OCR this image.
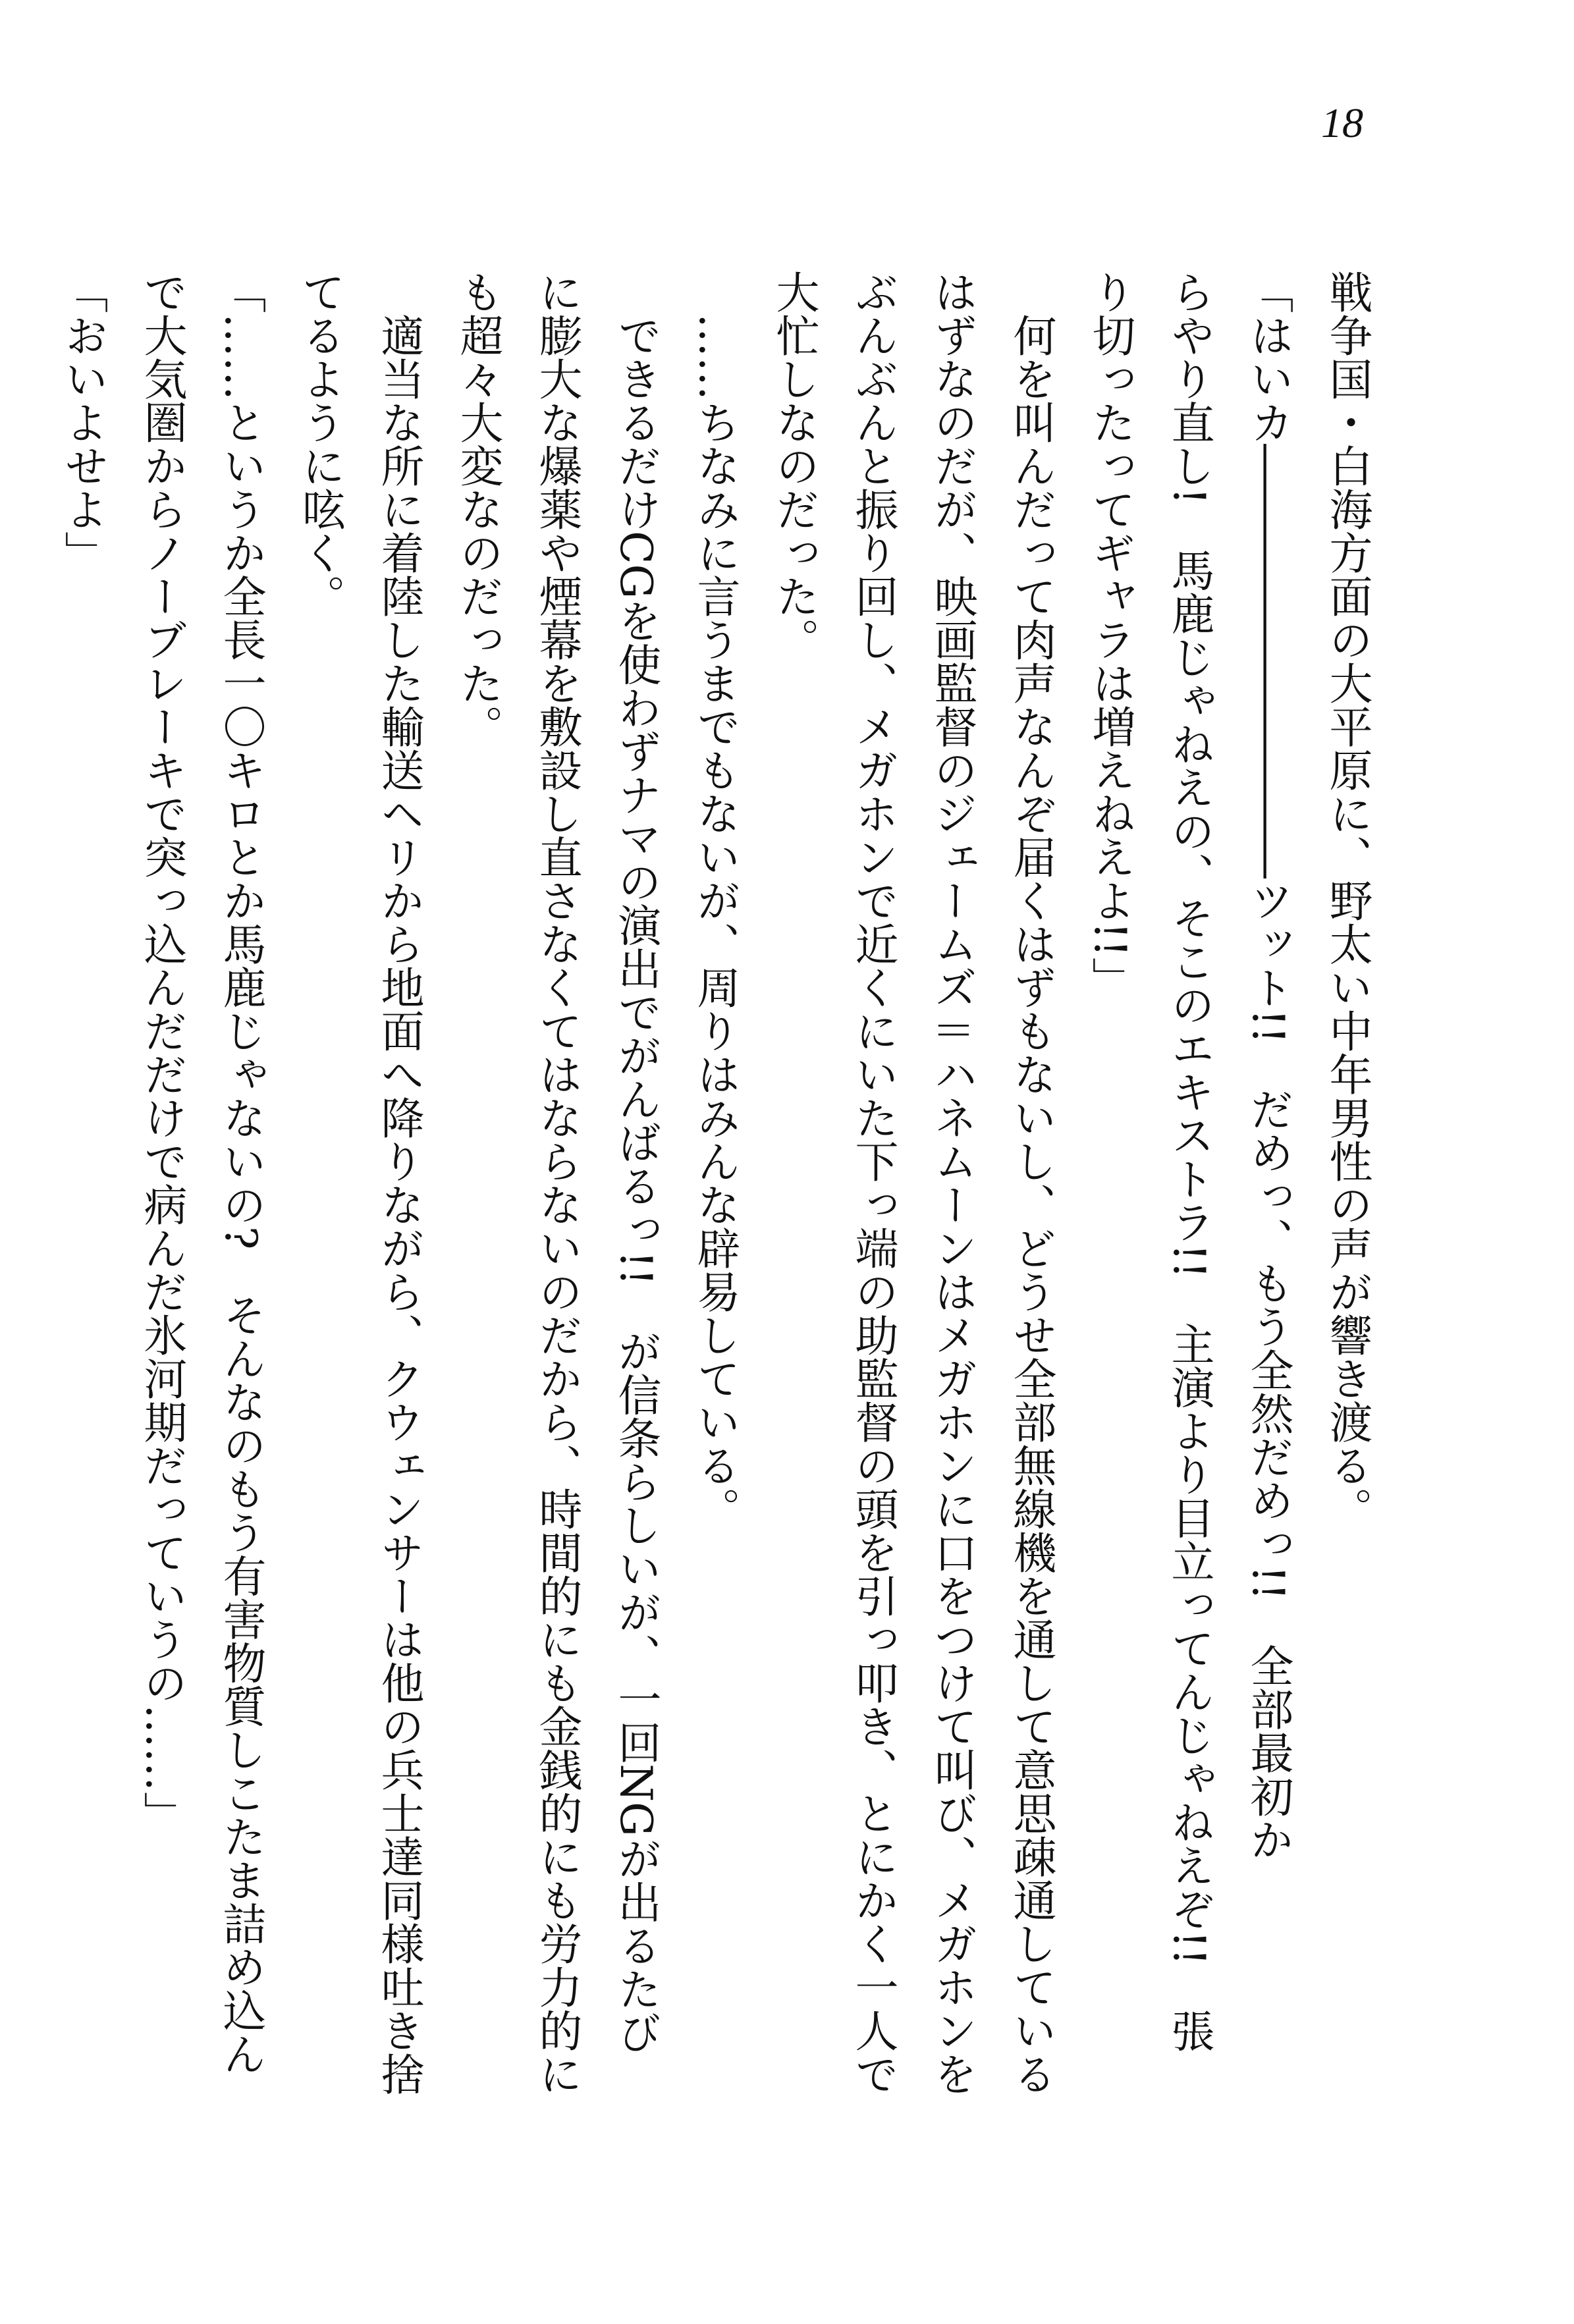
18

戦争国・白海方面の大平原に、野太い中年男性の声が響き渡る。

「はいカ――――――――――ツット!!　だめっ、もう全然だめっ!!　全部最初か

らやり直し!　馬鹿じゃねえの、そこのエキストラ!!　主演より目立ってんじゃねえぞ!!　張

り切ったってギャラは増えねえよ!!」

　何を叫んだって肉声なんぞ届くはずもないし、どうせ全部無線機を通して意思疎通している

はずなのだが、映画監督のジェームズ＝ハネムーンはメガホンに口をつけて叫び、メガホンを

ぶんぶんと振り回し、メガホンで近くにいた下っ端の助監督の頭を引っ叩き、とにかく一人で

大忙しなのだった。

　……ちなみに言うまでもないが、周りはみんな辟易している。

　できるだけCGを使わずナマの演出でがんばるっ!!　が信条らしいが、一回NGが出るたび

に膨大な爆薬や煙幕を敷設し直さなくてはならないのだから、時間的にも金銭的にも労力的に

も超々大変なのだった。

　適当な所に着陸した輸送ヘリから地面へ降りながら、クウェンサーは他の兵士達同様吐き捨

てるように呟く。

「……というか全長一〇キロとか馬鹿じゃないの?　そんなのもう有害物質しこたま詰め込ん

で大気圏からノーブレーキで突っ込んだだけで病んだ氷河期だっていうの……」

「おいよせよ」
